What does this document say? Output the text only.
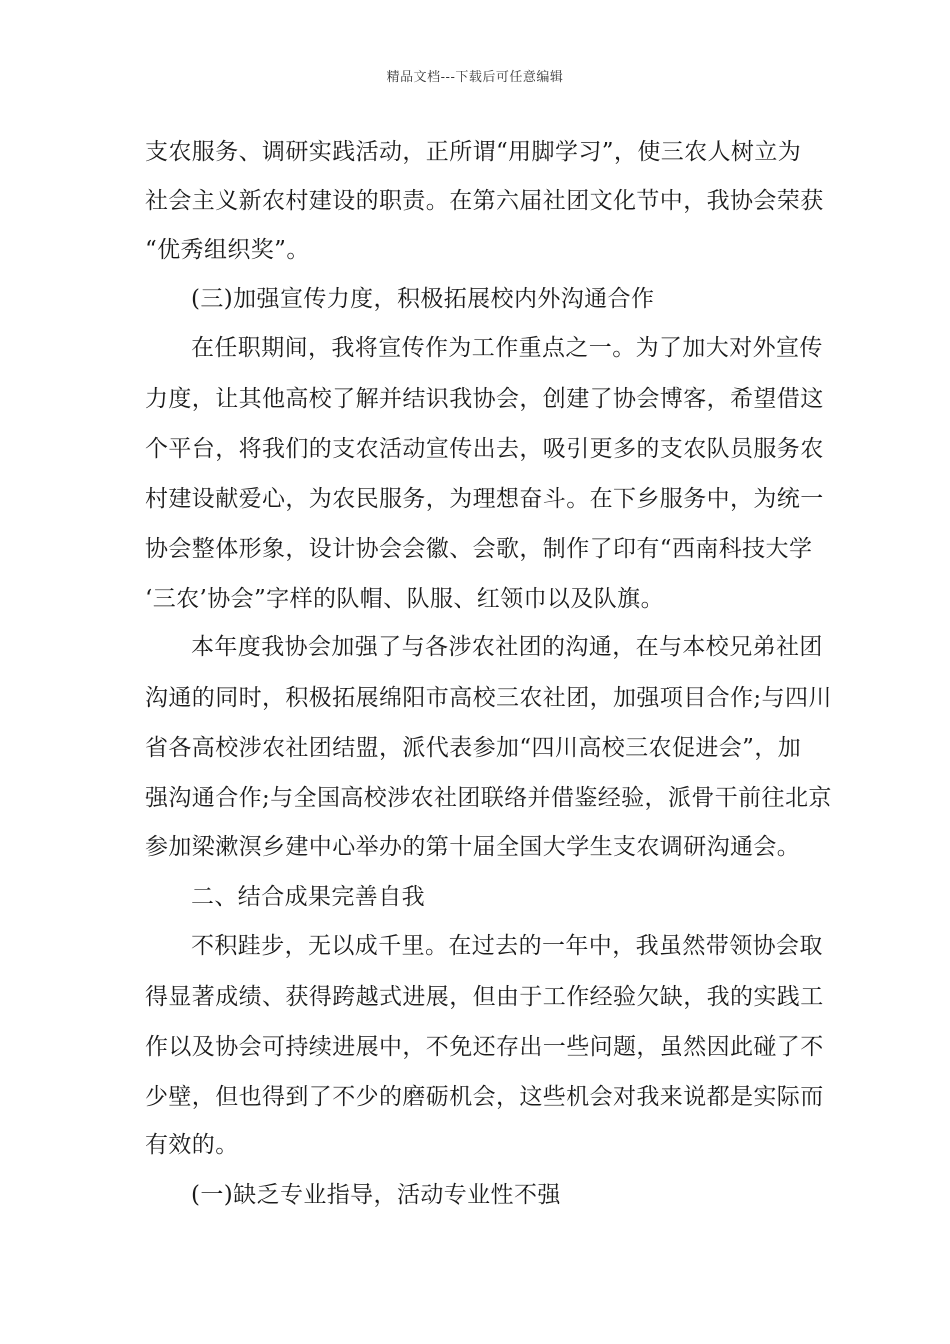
精品文档---下载后可任意编辑
支农服务、调研实践活动，正所谓“用脚学习”，使三农人树立为
社会主义新农村建设的职责。在第六届社团文化节中，我协会荣获
“优秀组织奖”。
(三)加强宣传力度，积极拓展校内外沟通合作
在任职期间，我将宣传作为工作重点之一。为了加大对外宣传
力度，让其他高校了解并结识我协会，创建了协会博客，希望借这
个平台，将我们的支农活动宣传出去，吸引更多的支农队员服务农
村建设献爱心，为农民服务，为理想奋斗。在下乡服务中，为统一
协会整体形象，设计协会会徽、会歌，制作了印有“西南科技大学
‘三农’协会”字样的队帽、队服、红领巾以及队旗。
本年度我协会加强了与各涉农社团的沟通，在与本校兄弟社团
沟通的同时，积极拓展绵阳市高校三农社团，加强项目合作;与四川
省各高校涉农社团结盟，派代表参加“四川高校三农促进会”，加
强沟通合作;与全国高校涉农社团联络并借鉴经验，派骨干前往北京
参加梁漱溟乡建中心举办的第十届全国大学生支农调研沟通会。
二、结合成果完善自我
不积跬步，无以成千里。在过去的一年中，我虽然带领协会取
得显著成绩、获得跨越式进展，但由于工作经验欠缺，我的实践工
作以及协会可持续进展中，不免还存出一些问题，虽然因此碰了不
少壁，但也得到了不少的磨砺机会，这些机会对我来说都是实际而
有效的。
(一)缺乏专业指导，活动专业性不强
